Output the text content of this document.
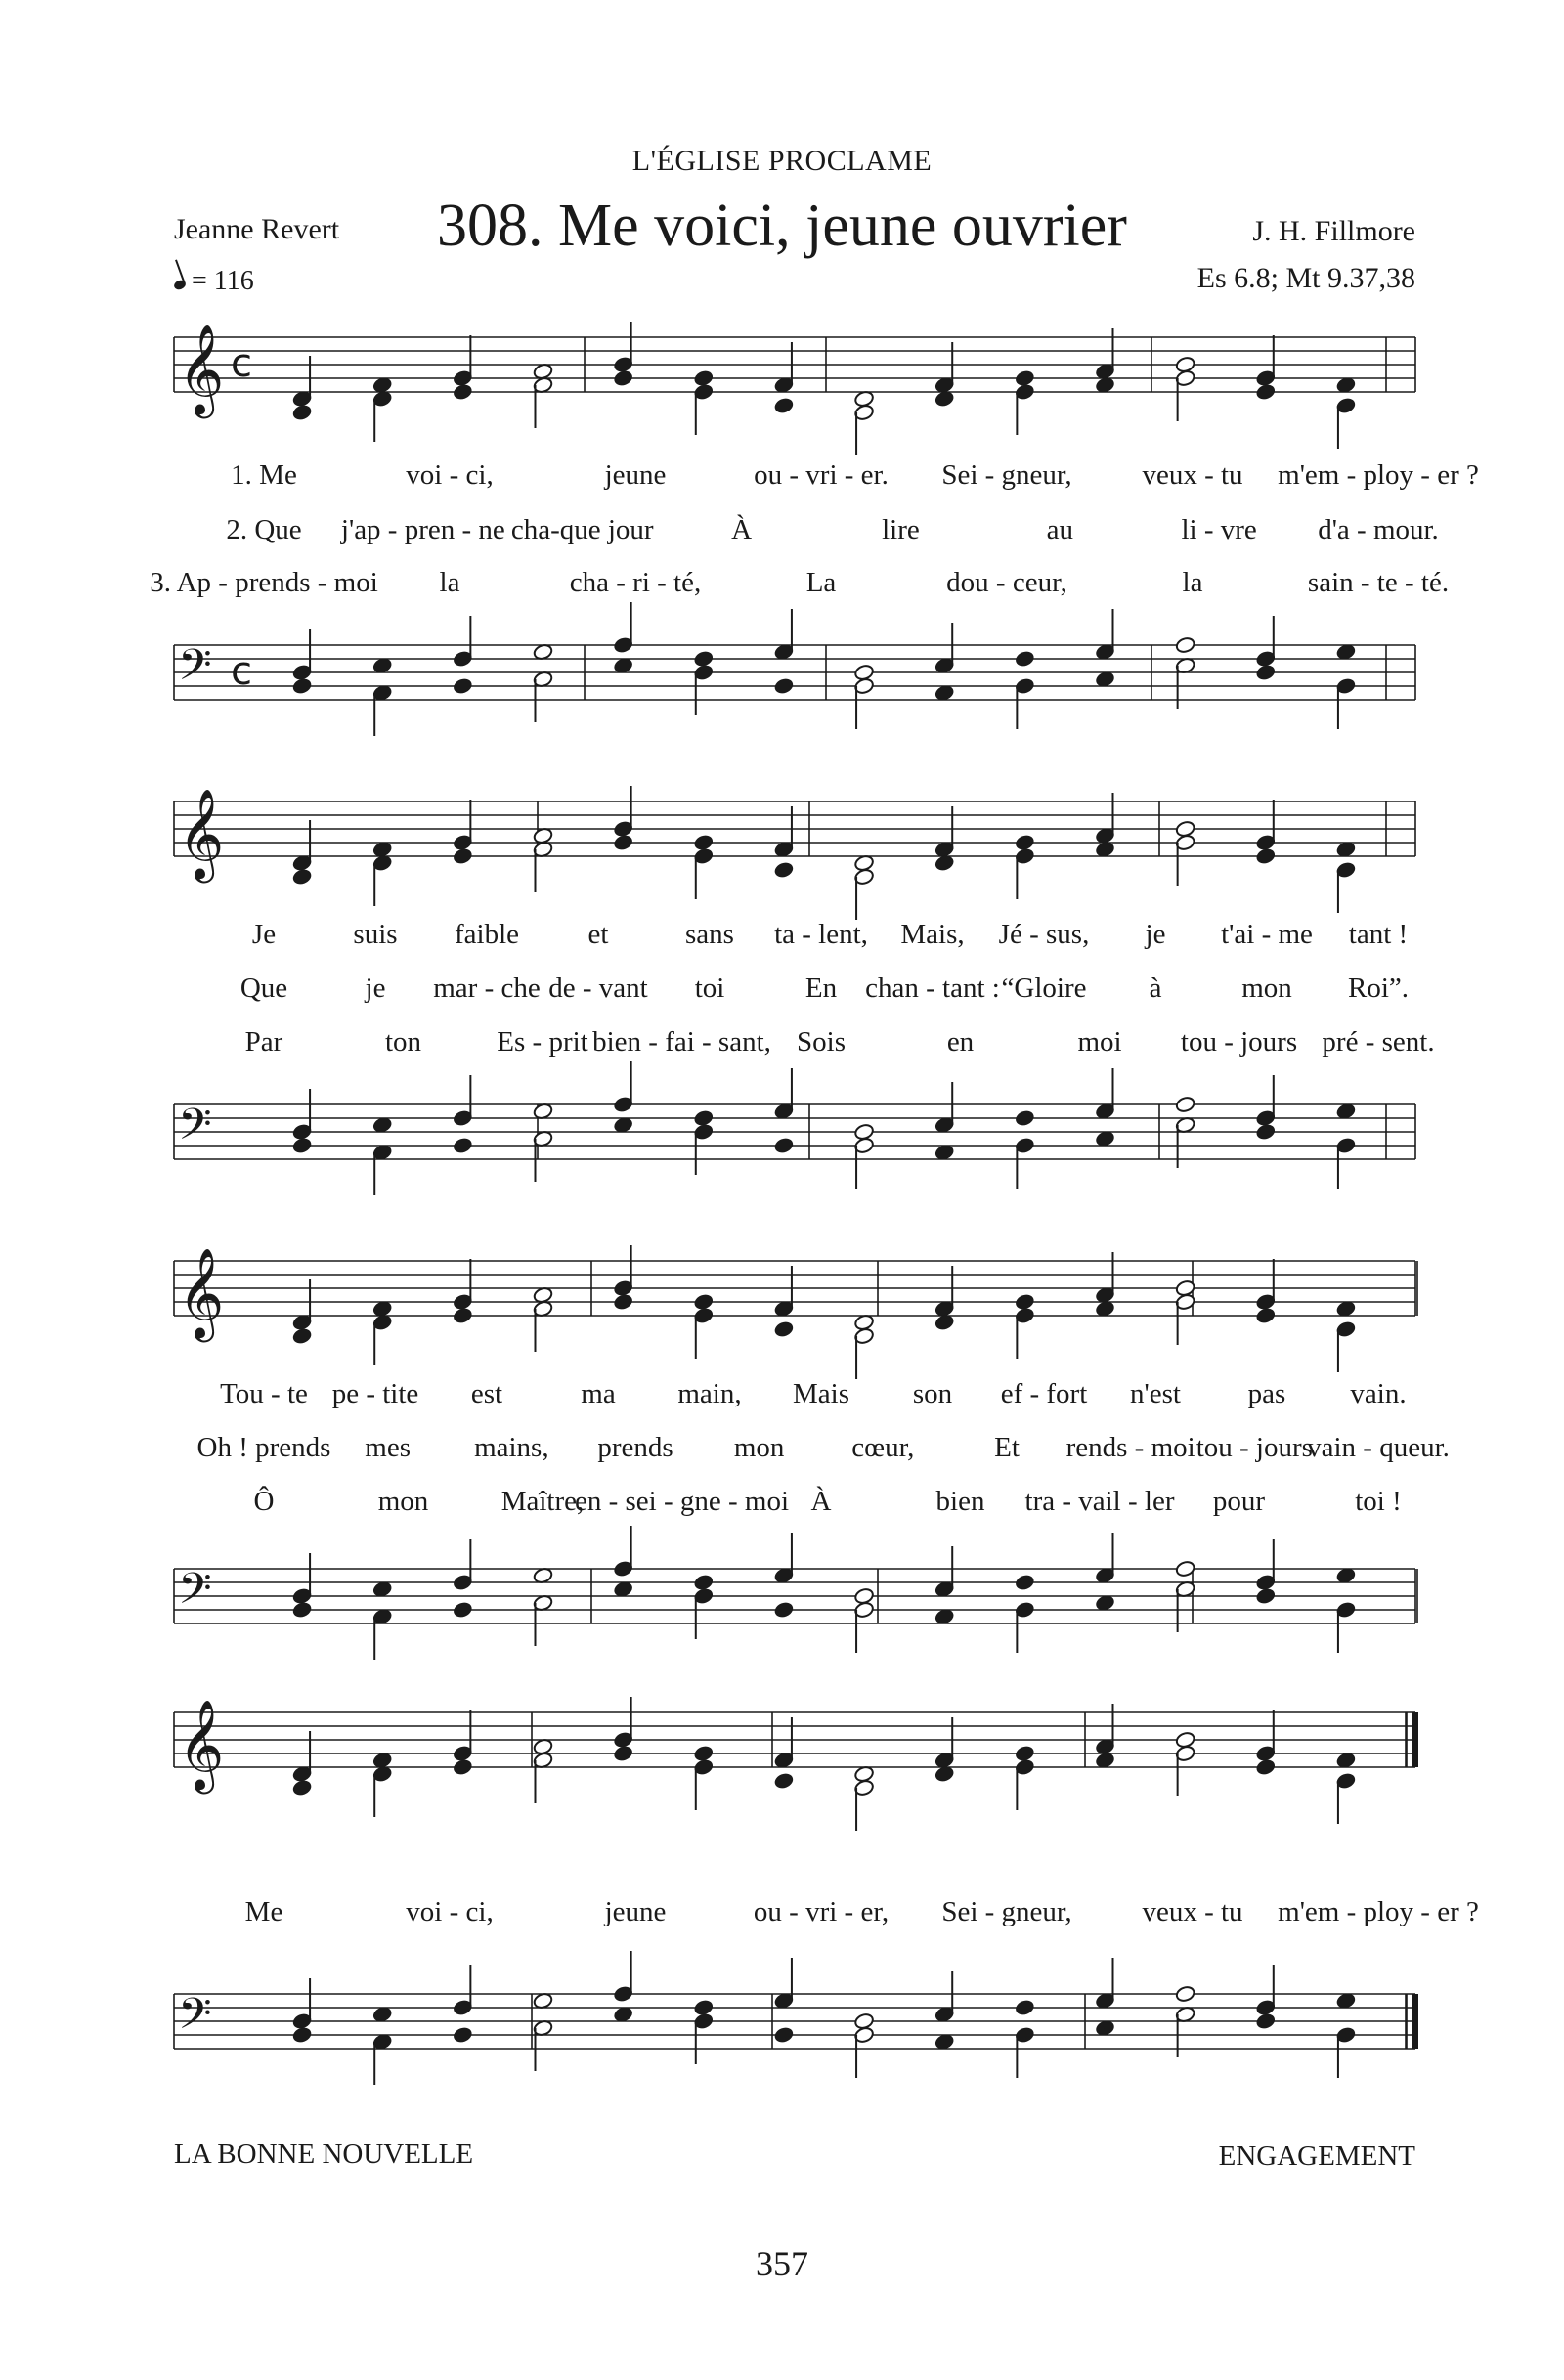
L'ÉGLISE PROCLAME
308. Me voici, jeune ouvrier
Jeanne Revert	J. H. Fillmore
= 116	Es 6.8; Mt 9.37,38
𝄞 c
𝄢 c
𝄞
𝄢
𝄞
𝄢
𝄞
𝄢
1. Me	voi - ci,	jeune	ou - vri - er. Sei - gneur, veux - tu m'em - ploy - er ?
2. Que j'ap - pren - ne cha-que jour	À	lire	au	li - vre d'a - mour.
3. Ap - prends - moi la	cha - ri - té,	La	dou - ceur,	la	sain - te - té.
Je	suis faible et	sans ta - lent, Mais, Jé - sus, je t'ai - me tant !
Que	je mar - che de - vant toi	En chan - tant : “Gloire à	mon Roi”.
Par	ton	Es - prit bien - fai - sant, Sois	en	moi tou - jours pré - sent.
Tou - te pe - tite est	ma main, Mais son ef - fort n'est pas vain.
Oh ! prends mes mains, prends mon cœur,	Et rends - moi tou - jours
vain - queur.
Ô	mon	Maître,
en - sei - gne - moi À	bien tra - vail - ler pour	toi !
Me	voi - ci,	jeune	ou - vri - er, Sei - gneur, veux - tu m'em - ploy - er ?
LA BONNE NOUVELLE	ENGAGEMENT
357
